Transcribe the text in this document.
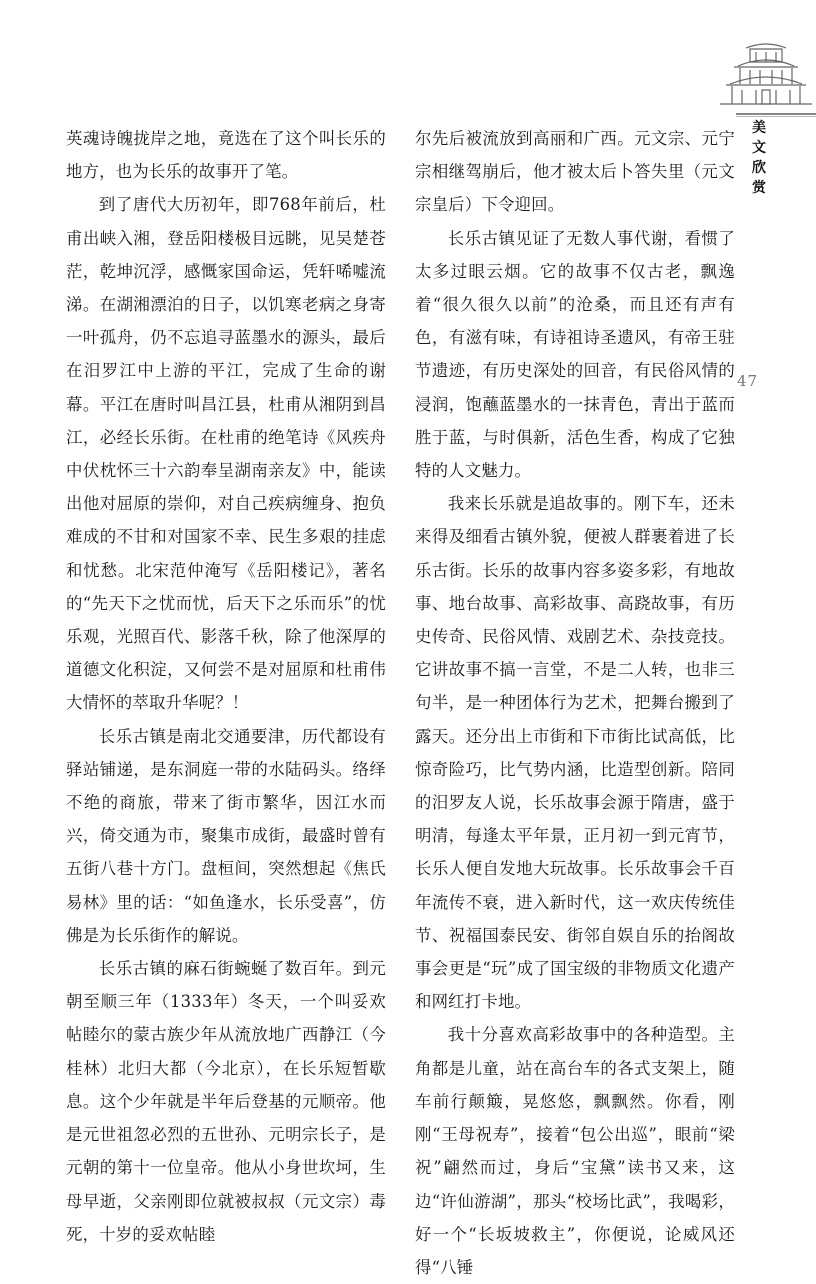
美
文
欣
赏
47

英魂诗魄拢岸之地，竟选在了这个叫长乐的地方，也为长乐的故事开了笔。

到了唐代大历初年，即768年前后，杜甫出峡入湘，登岳阳楼极目远眺，见吴楚苍茫，乾坤沉浮，感慨家国命运，凭轩唏嘘流涕。在湖湘漂泊的日子，以饥寒老病之身寄一叶孤舟，仍不忘追寻蓝墨水的源头，最后在汨罗江中上游的平江，完成了生命的谢幕。平江在唐时叫昌江县，杜甫从湘阴到昌江，必经长乐街。在杜甫的绝笔诗《风疾舟中伏枕怀三十六韵奉呈湖南亲友》中，能读出他对屈原的崇仰，对自己疾病缠身、抱负难成的不甘和对国家不幸、民生多艰的挂虑和忧愁。北宋范仲淹写《岳阳楼记》，著名的“先天下之忧而忧，后天下之乐而乐”的忧乐观，光照百代、影落千秋，除了他深厚的道德文化积淀，又何尝不是对屈原和杜甫伟大情怀的萃取升华呢？！

长乐古镇是南北交通要津，历代都设有驿站铺递，是东洞庭一带的水陆码头。络绎不绝的商旅，带来了街市繁华，因江水而兴，倚交通为市，聚集市成街，最盛时曾有五街八巷十方门。盘桓间，突然想起《焦氏易林》里的话：“如鱼逢水，长乐受喜”，仿佛是为长乐街作的解说。

长乐古镇的麻石街蜿蜒了数百年。到元朝至顺三年（1333年）冬天，一个叫妥欢帖睦尔的蒙古族少年从流放地广西静江（今桂林）北归大都（今北京），在长乐短暂歇息。这个少年就是半年后登基的元顺帝。他是元世祖忽必烈的五世孙、元明宗长子，是元朝的第十一位皇帝。他从小身世坎坷，生母早逝，父亲刚即位就被叔叔（元文宗）毒死，十岁的妥欢帖睦

尔先后被流放到高丽和广西。元文宗、元宁宗相继驾崩后，他才被太后卜答失里（元文宗皇后）下令迎回。

长乐古镇见证了无数人事代谢，看惯了太多过眼云烟。它的故事不仅古老，飘逸着“很久很久以前”的沧桑，而且还有声有色，有滋有味，有诗祖诗圣遗风，有帝王驻节遗迹，有历史深处的回音，有民俗风情的浸润，饱蘸蓝墨水的一抹青色，青出于蓝而胜于蓝，与时俱新，活色生香，构成了它独特的人文魅力。

我来长乐就是追故事的。刚下车，还未来得及细看古镇外貌，便被人群裹着进了长乐古街。长乐的故事内容多姿多彩，有地故事、地台故事、高彩故事、高跷故事，有历史传奇、民俗风情、戏剧艺术、杂技竞技。它讲故事不搞一言堂，不是二人转，也非三句半，是一种团体行为艺术，把舞台搬到了露天。还分出上市街和下市街比试高低，比惊奇险巧，比气势内涵，比造型创新。陪同的汨罗友人说，长乐故事会源于隋唐，盛于明清，每逢太平年景，正月初一到元宵节，长乐人便自发地大玩故事。长乐故事会千百年流传不衰，进入新时代，这一欢庆传统佳节、祝福国泰民安、街邻自娱自乐的抬阁故事会更是“玩”成了国宝级的非物质文化遗产和网红打卡地。

我十分喜欢高彩故事中的各种造型。主角都是儿童，站在高台车的各式支架上，随车前行颠簸，晃悠悠，飘飘然。你看，刚刚“王母祝寿”，接着“包公出巡”，眼前“梁祝”翩然而过，身后“宝黛”读书又来，这边“许仙游湖”，那头“校场比武”，我喝彩，好一个“长坂坡救主”，你便说，论威风还得“八锤
